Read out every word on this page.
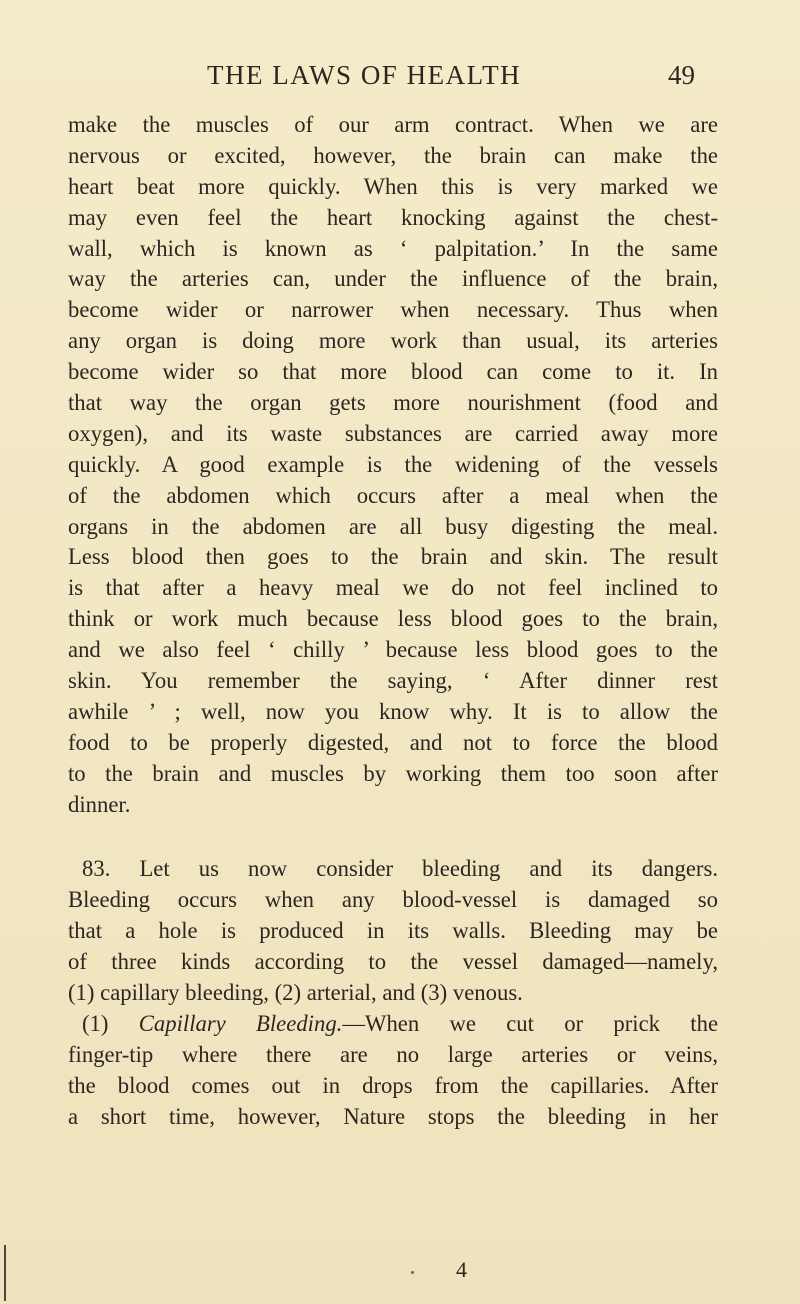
THE LAWS OF HEALTH	49
make the muscles of our arm contract. When we are
nervous or excited, however, the brain can make the
heart beat more quickly. When this is very marked we
may even feel the heart knocking against the chest-
wall, which is known as ‘ palpitation.’ In the same
way the arteries can, under the influence of the brain,
become wider or narrower when necessary. Thus when
any organ is doing more work than usual, its arteries
become wider so that more blood can come to it. In
that way the organ gets more nourishment (food and
oxygen), and its waste substances are carried away more
quickly. A good example is the widening of the vessels
of the abdomen which occurs after a meal when the
organs in the abdomen are all busy digesting the meal.
Less blood then goes to the brain and skin. The result
is that after a heavy meal we do not feel inclined to
think or work much because less blood goes to the brain,
and we also feel ‘ chilly ’ because less blood goes to the
skin. You remember the saying, ‘ After dinner rest
awhile ’ ; well, now you know why. It is to allow the
food to be properly digested, and not to force the blood
to the brain and muscles by working them too soon after
dinner.
83. Let us now consider bleeding and its dangers.
Bleeding occurs when any blood-vessel is damaged so
that a hole is produced in its walls. Bleeding may be
of three kinds according to the vessel damaged—namely,
(1) capillary bleeding, (2) arterial, and (3) venous.
(1) Capillary Bleeding.—When we cut or prick the
finger-tip where there are no large arteries or veins,
the blood comes out in drops from the capillaries. After
a short time, however, Nature stops the bleeding in her
4
